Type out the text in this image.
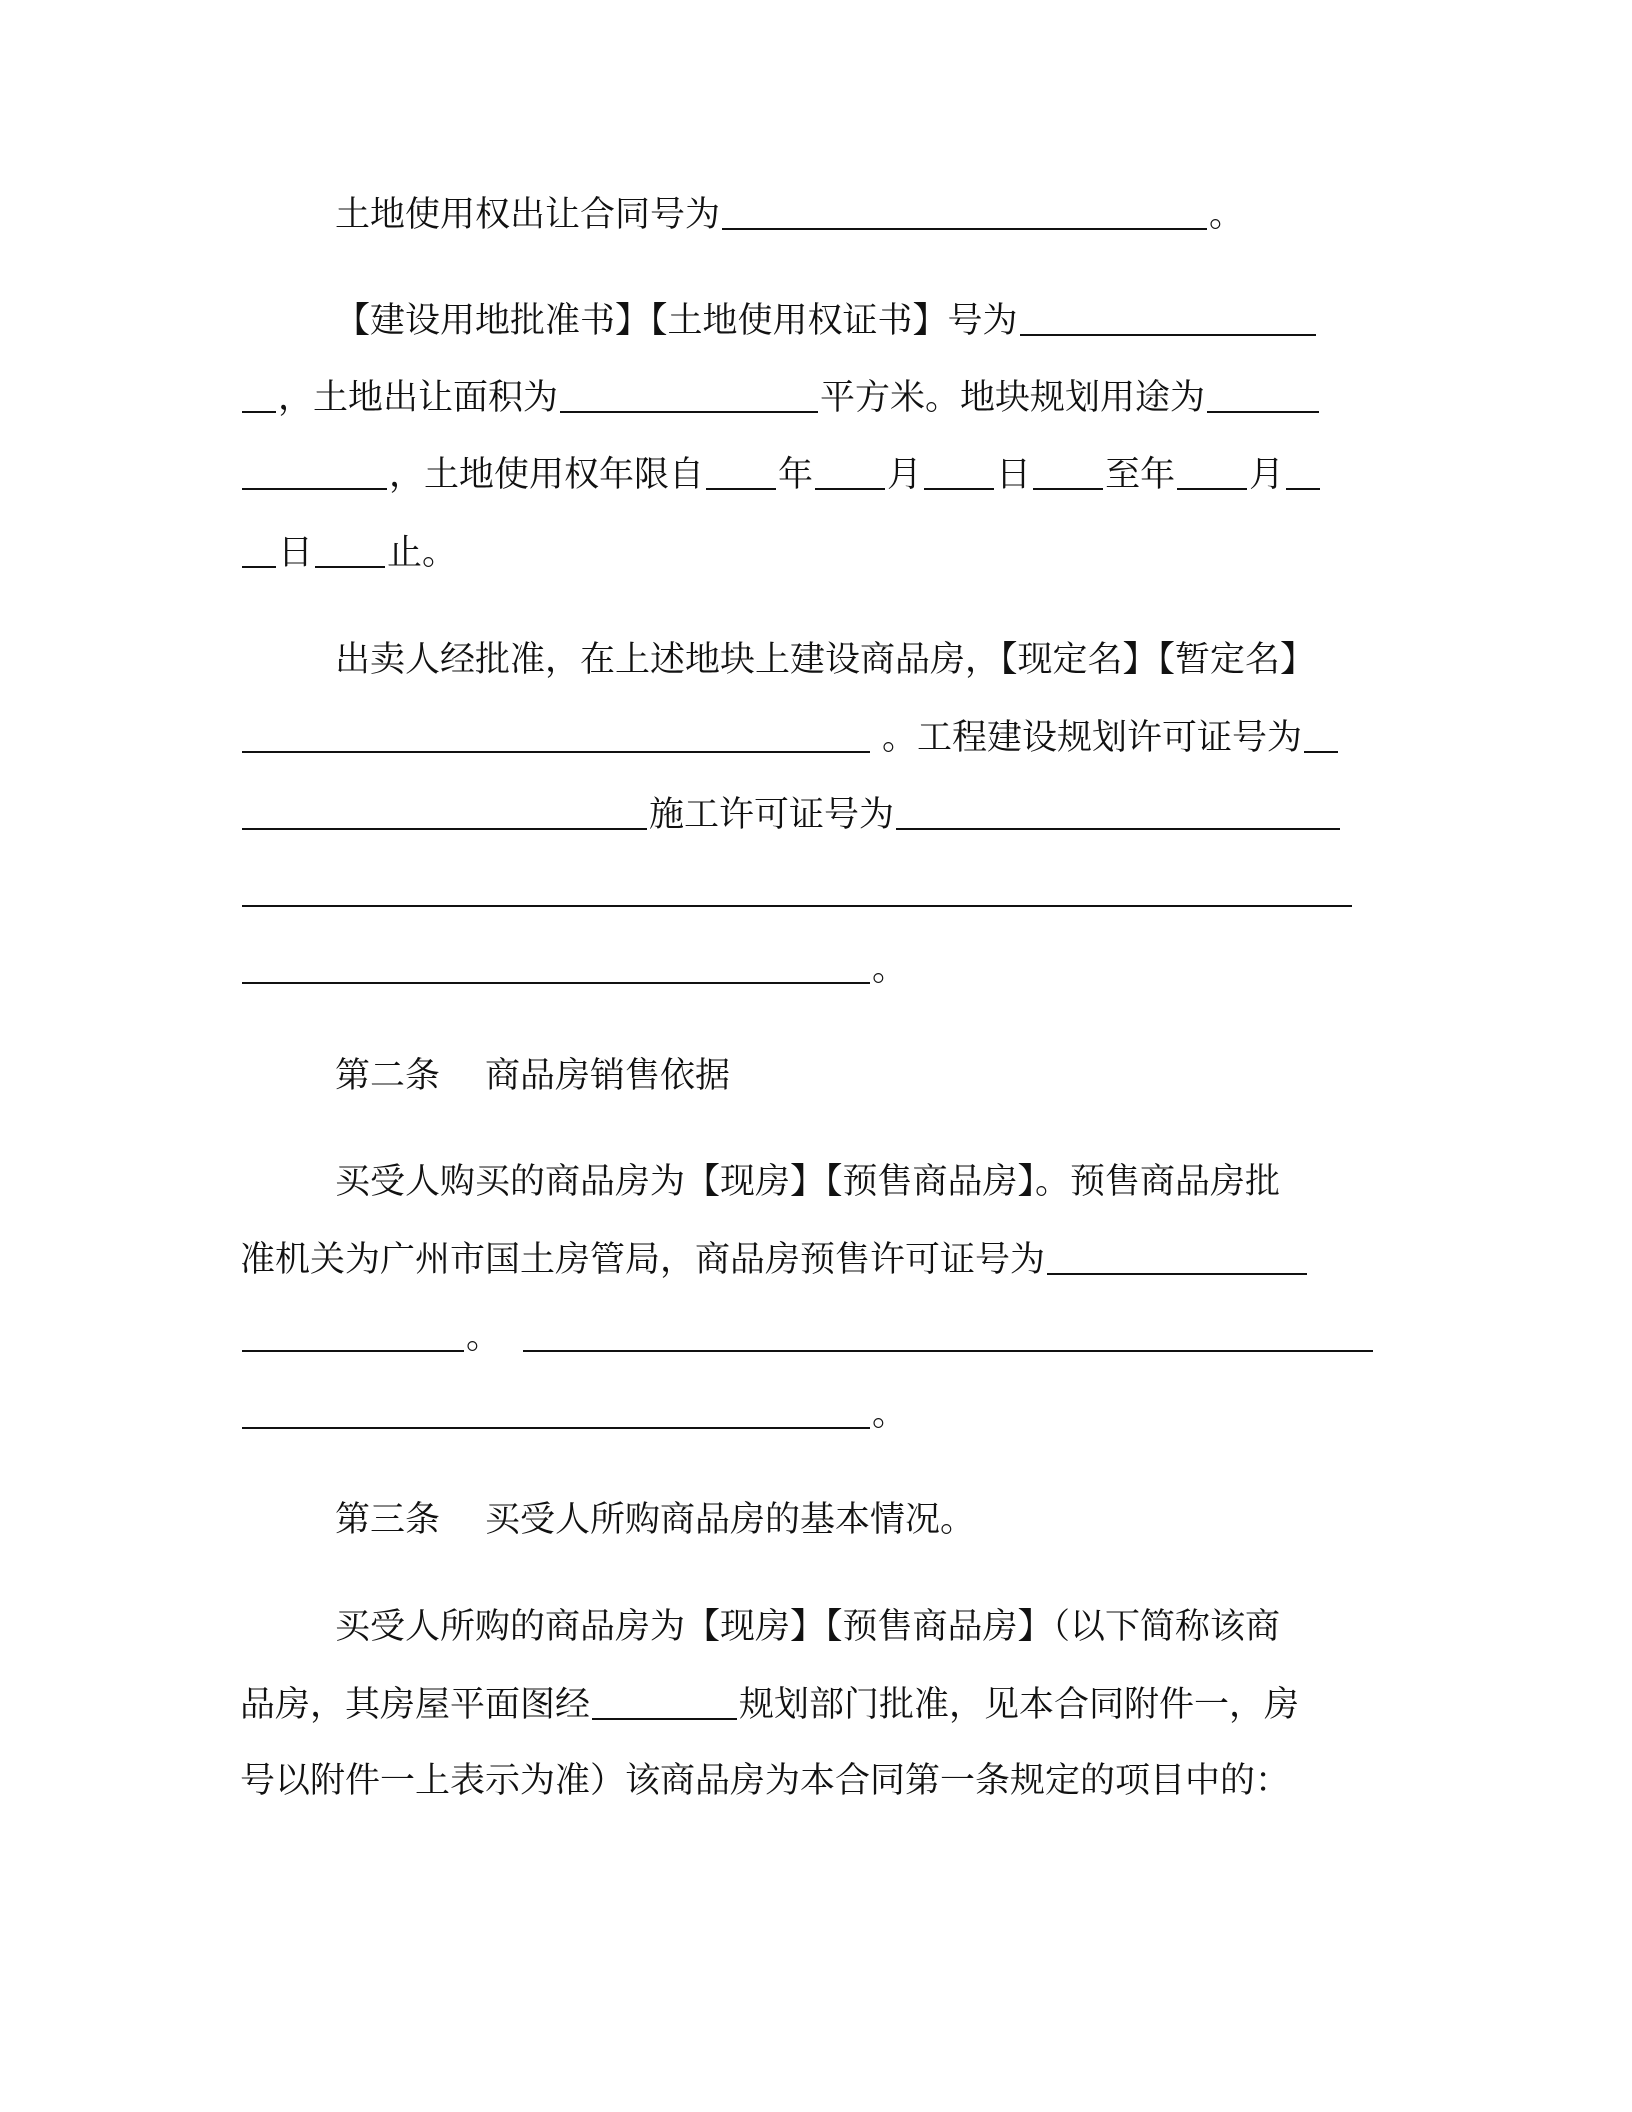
土地使用权出让合同号为	。
【建设用地批准书】【土地使用权证书】号为
，土地出让面积为	平方米。地块规划用途为
，土地使用权年限自 年 月 日 至年 月
日 止。
出卖人经批准，在上述地块上建设商品房，【现定名】【暂定名】
。工程建设规划许可证号为
施工许可证号为
。
第二条 商品房销售依据
买受人购买的商品房为【现房】【预售商品房】。预售商品房批
准机关为广州市国土房管局，商品房预售许可证号为
。
。
第三条 买受人所购商品房的基本情况。
买受人所购的商品房为【现房】【预售商品房】（以下简称该商
品房，其房屋平面图经	规划部门批准，见本合同附件一，房
号以附件一上表示为准）该商品房为本合同第一条规定的项目中的：
